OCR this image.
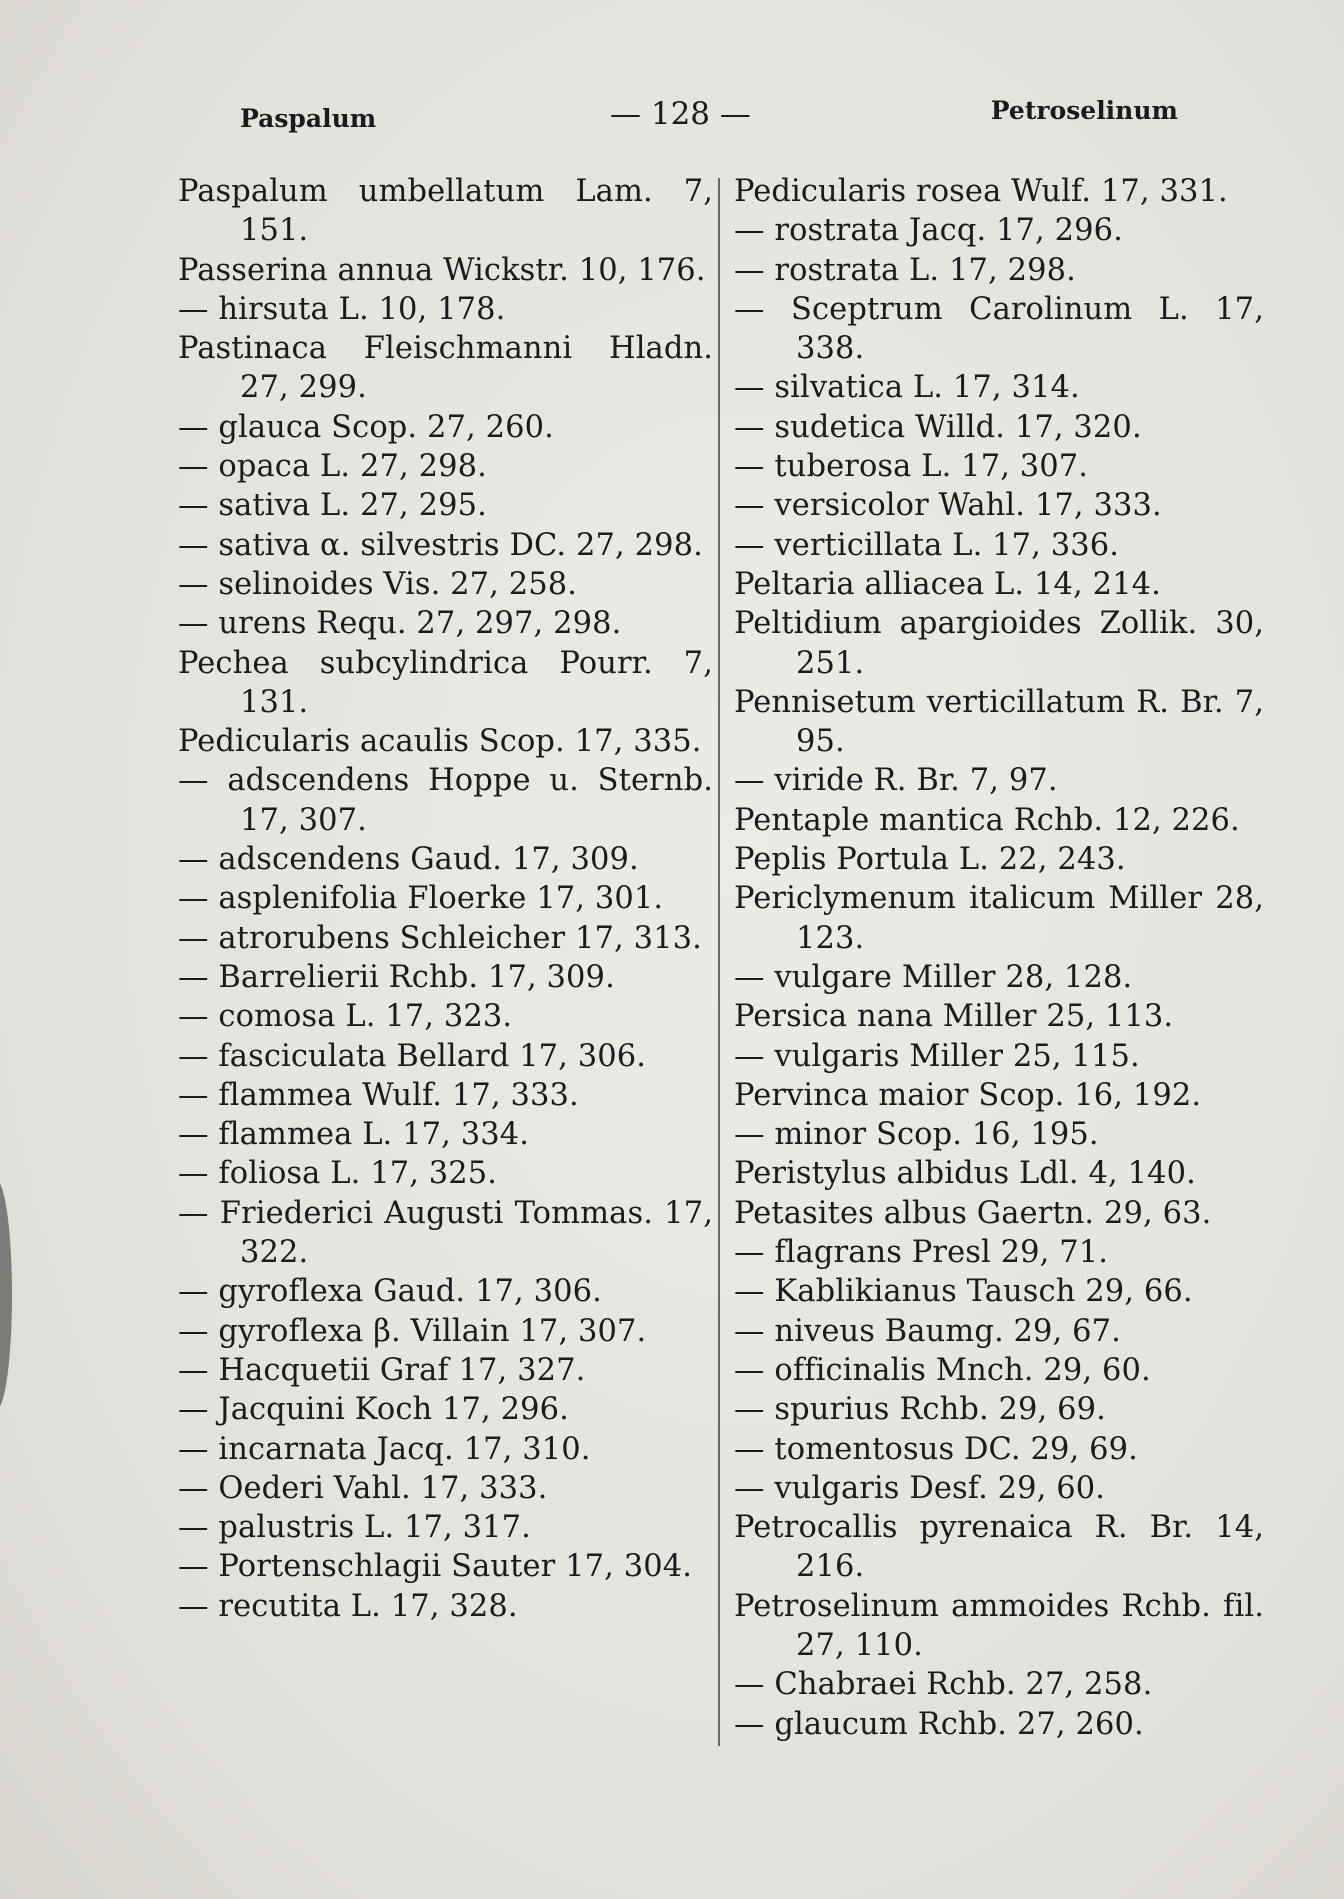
Paspalum	— 128 —	Petroselinum
Paspalum umbellatum Lam. 7, 151.
Passerina annua Wickstr. 10, 176.
— hirsuta L. 10, 178.
Pastinaca Fleischmanni Hladn. 27, 299.
— glauca Scop. 27, 260.
— opaca L. 27, 298.
— sativa L. 27, 295.
— sativa α. silvestris DC. 27, 298.
— selinoides Vis. 27, 258.
— urens Requ. 27, 297, 298.
Pechea subcylindrica Pourr. 7, 131.
Pedicularis acaulis Scop. 17, 335.
— adscendens Hoppe u. Sternb. 17, 307.
— adscendens Gaud. 17, 309.
— asplenifolia Floerke 17, 301.
— atrorubens Schleicher 17, 313.
— Barrelierii Rchb. 17, 309.
— comosa L. 17, 323.
— fasciculata Bellard 17, 306.
— flammea Wulf. 17, 333.
— flammea L. 17, 334.
— foliosa L. 17, 325.
— Friederici Augusti Tommas. 17, 322.
— gyroflexa Gaud. 17, 306.
— gyroflexa β. Villain 17, 307.
— Hacquetii Graf 17, 327.
— Jacquini Koch 17, 296.
— incarnata Jacq. 17, 310.
— Oederi Vahl. 17, 333.
— palustris L. 17, 317.
— Portenschlagii Sauter 17, 304.
— recutita L. 17, 328.
Pedicularis rosea Wulf. 17, 331.
— rostrata Jacq. 17, 296.
— rostrata L. 17, 298.
— Sceptrum Carolinum L. 17, 338.
— silvatica L. 17, 314.
— sudetica Willd. 17, 320.
— tuberosa L. 17, 307.
— versicolor Wahl. 17, 333.
— verticillata L. 17, 336.
Peltaria alliacea L. 14, 214.
Peltidium apargioides Zollik. 30, 251.
Pennisetum verticillatum R. Br. 7, 95.
— viride R. Br. 7, 97.
Pentaple mantica Rchb. 12, 226.
Peplis Portula L. 22, 243.
Periclymenum italicum Miller 28, 123.
— vulgare Miller 28, 128.
Persica nana Miller 25, 113.
— vulgaris Miller 25, 115.
Pervinca maior Scop. 16, 192.
— minor Scop. 16, 195.
Peristylus albidus Ldl. 4, 140.
Petasites albus Gaertn. 29, 63.
— flagrans Presl 29, 71.
— Kablikianus Tausch 29, 66.
— niveus Baumg. 29, 67.
— officinalis Mnch. 29, 60.
— spurius Rchb. 29, 69.
— tomentosus DC. 29, 69.
— vulgaris Desf. 29, 60.
Petrocallis pyrenaica R. Br. 14, 216.
Petroselinum ammoides Rchb. fil. 27, 110.
— Chabraei Rchb. 27, 258.
— glaucum Rchb. 27, 260.
